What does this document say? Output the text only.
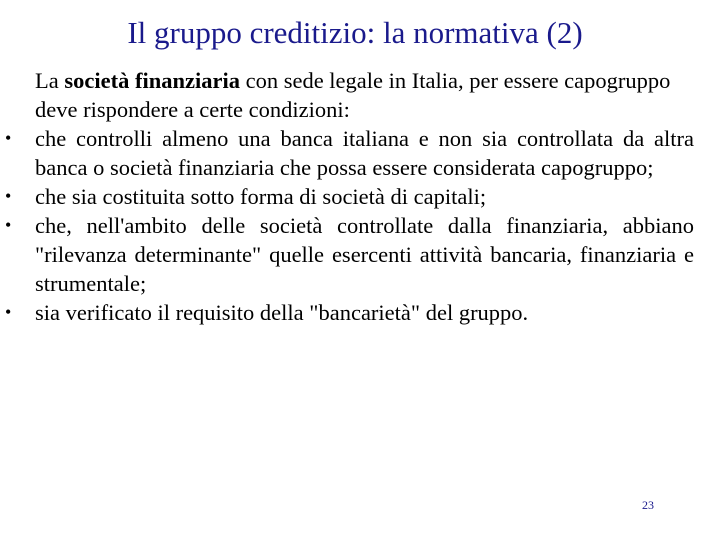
Il gruppo creditizio: la normativa (2)

La società finanziaria con sede legale in Italia, per essere capogruppo deve rispondere a certe condizioni:

• che controlli almeno una banca italiana e non sia controllata da altra banca o società finanziaria che possa essere considerata capogruppo;
• che sia costituita sotto forma di società di capitali;
• che, nell'ambito delle società controllate dalla finanziaria, abbiano "rilevanza determinante" quelle esercenti attività bancaria, finanziaria e strumentale;
• sia verificato il requisito della "bancarietà" del gruppo.
23
